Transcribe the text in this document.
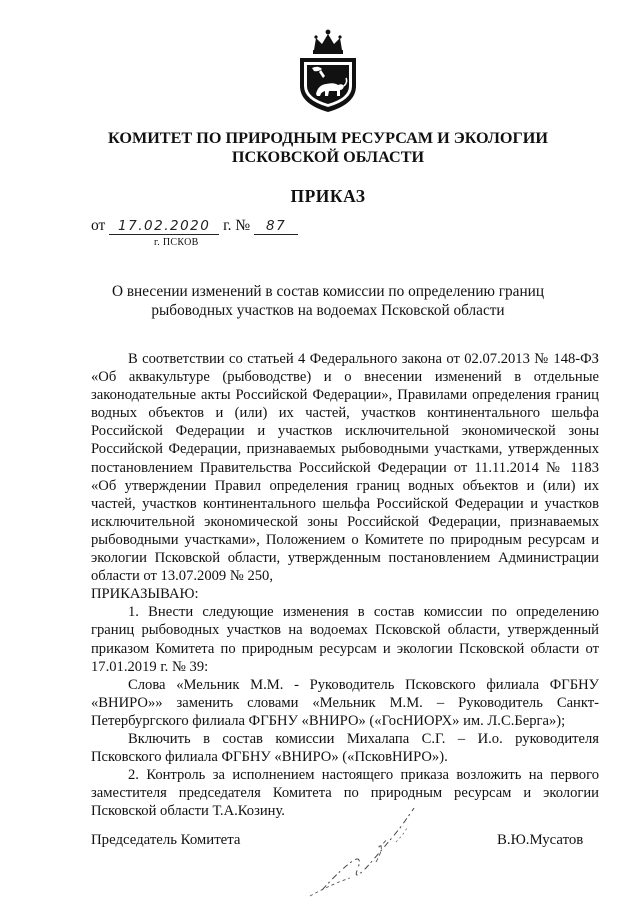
КОМИТЕТ ПО ПРИРОДНЫМ РЕСУРСАМ И ЭКОЛОГИИ
ПСКОВСКОЙ ОБЛАСТИ
ПРИКАЗ
от 17.02.2020 г. № 87
г. ПСКОВ
О внесении изменений в состав комиссии по определению границ
рыбоводных участков на водоемах Псковской области

В соответствии со статьей 4 Федерального закона от 02.07.2013 № 148-ФЗ «Об аквакультуре (рыбоводстве) и о внесении изменений в отдельные законодательные акты Российской Федерации», Правилами определения границ водных объектов и (или) их частей, участков континентального шельфа Российской Федерации и участков исключительной экономической зоны Российской Федерации, признаваемых рыбоводными участками, утвержденных постановлением Правительства Российской Федерации от 11.11.2014 № 1183 «Об утверждении Правил определения границ водных объектов и (или) их частей, участков континентального шельфа Российской Федерации и участков исключительной экономической зоны Российской Федерации, признаваемых рыбоводными участками», Положением о Комитете по природным ресурсам и экологии Псковской области, утвержденным постановлением Администрации области от 13.07.2009 № 250,

ПРИКАЗЫВАЮ:

1. Внести следующие изменения в состав комиссии по определению границ рыбоводных участков на водоемах Псковской области, утвержденный приказом Комитета по природным ресурсам и экологии Псковской области от 17.01.2019 г. № 39:

Слова «Мельник М.М. - Руководитель Псковского филиала ФГБНУ «ВНИРО»» заменить словами «Мельник М.М. – Руководитель Санкт-Петербургского филиала ФГБНУ «ВНИРО» («ГосНИОРХ» им. Л.С.Берга»);

Включить в состав комиссии Михалапа С.Г. – И.о. руководителя Псковского филиала ФГБНУ «ВНИРО» («ПсковНИРО»).

2. Контроль за исполнением настоящего приказа возложить на первого заместителя председателя Комитета по природным ресурсам и экологии Псковской области Т.А.Козину.

Председатель Комитета	В.Ю.Мусатов
